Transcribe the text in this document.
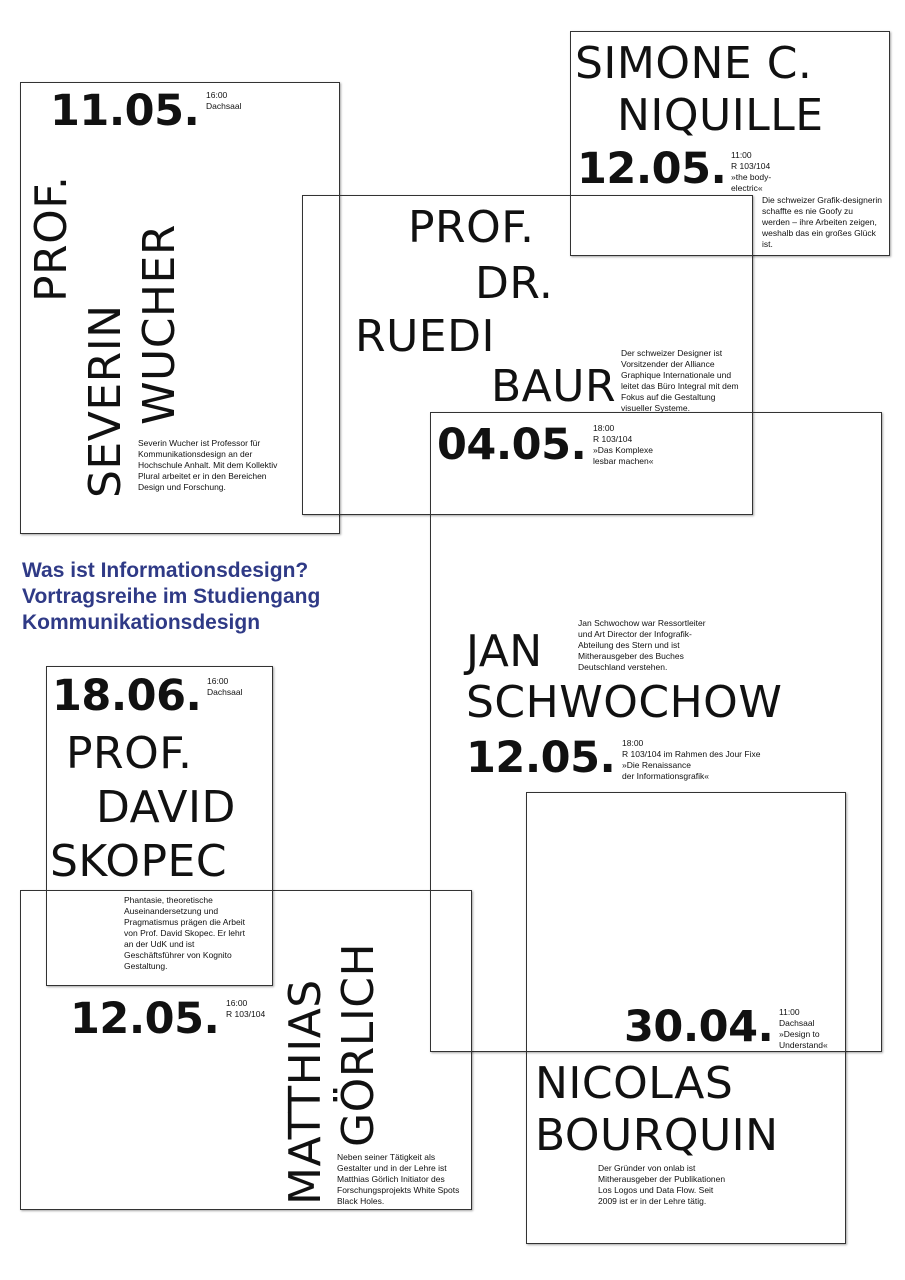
Was ist Informationsdesign?
Vortragsreihe im Studiengang
Kommunikationsdesign
11.05. 16:00
Dachsaal
PROF.
SEVERIN WUCHER
Severin Wucher ist Professor für Kommunikationsdesign an der Hochschule Anhalt. Mit dem Kollektiv Plural arbeitet er in den Bereichen Design und Forschung.
SIMONE C.
NIQUILLE
12.05. 11:00
R 103/104
»the body-
electric«
Die schweizer Grafik-designerin schaffte es nie Goofy zu werden – ihre Arbeiten zeigen, weshalb das ein großes Glück ist.
PROF.
DR.
RUEDI
BAUR
Der schweizer Designer ist Vorsitzender der Alliance Graphique Internationale und leitet das Büro Integral mit dem Fokus auf die Gestaltung visueller Systeme.
04.05. 18:00
R 103/104
»Das Komplexe
lesbar machen«
Jan Schwochow war Ressortleiter und Art Director der Infografik-Abteilung des Stern und ist Mitherausgeber des Buches Deutschland verstehen.
JAN
SCHWOCHOW
12.05. 18:00
R 103/104 im Rahmen des Jour Fixe
»Die Renaissance
der Informationsgrafik«
18.06. 16:00
Dachsaal
PROF.
DAVID
SKOPEC
Phantasie, theoretische Auseinandersetzung und Pragmatismus prägen die Arbeit von Prof. David Skopec. Er lehrt an der UdK und ist Geschäftsführer von Kognito Gestaltung.
12.05. 16:00
R 103/104 MATTHIAS GÖRLICH
Neben seiner Tätigkeit als Gestalter und in der Lehre ist Matthias Görlich Initiator des Forschungsprojekts White Spots Black Holes.
30.04. 11:00
Dachsaal
»Design to
Understand«
NICOLAS
BOURQUIN
Der Gründer von onlab ist Mitherausgeber der Publikationen Los Logos und Data Flow. Seit 2009 ist er in der Lehre tätig.
